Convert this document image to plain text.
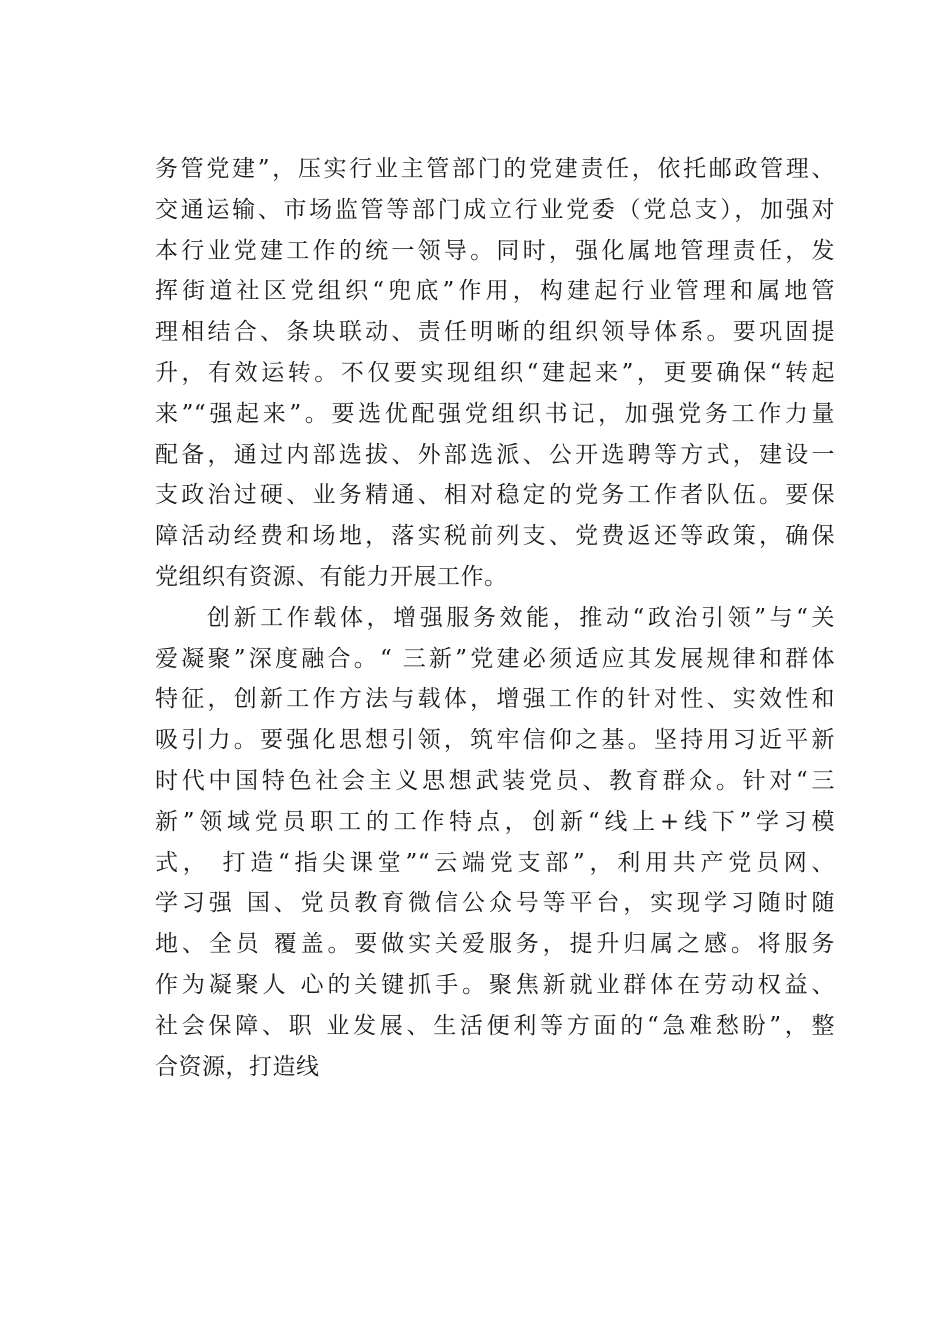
务管党建”，压实行业主管部门的党建责任，依托邮政管理、
交通运输、市场监管等部门成立行业党委（党总支），加强对
本行业党建工作的统一领导。同时，强化属地管理责任，发
挥街道社区党组织“兜底”作用，构建起行业管理和属地管
理相结合、条块联动、责任明晰的组织领导体系。要巩固提
升，有效运转。不仅要实现组织“建起来”，更要确保“转起
来”“强起来”。要选优配强党组织书记，加强党务工作力量
配备，通过内部选拔、外部选派、公开选聘等方式，建设一
支政治过硬、业务精通、相对稳定的党务工作者队伍。要保
障活动经费和场地，落实税前列支、党费返还等政策，确保
党组织有资源、有能力开展工作。
创新工作载体，增强服务效能，推动“政治引领”与“关
爱凝聚”深度融合。“ 三新”党建必须适应其发展规律和群体
特征，创新工作方法与载体，增强工作的针对性、实效性和
吸引力。要强化思想引领，筑牢信仰之基。坚持用习近平新
时代中国特色社会主义思想武装党员、教育群众。针对“三
新”领域党员职工的工作特点，创新“线上+线下”学习模
式， 打造“指尖课堂”“云端党支部”，利用共产党员网、
学习强 国、党员教育微信公众号等平台，实现学习随时随
地、全员 覆盖。要做实关爱服务，提升归属之感。将服务
作为凝聚人 心的关键抓手。聚焦新就业群体在劳动权益、
社会保障、职 业发展、生活便利等方面的“急难愁盼”，整
合资源，打造线
